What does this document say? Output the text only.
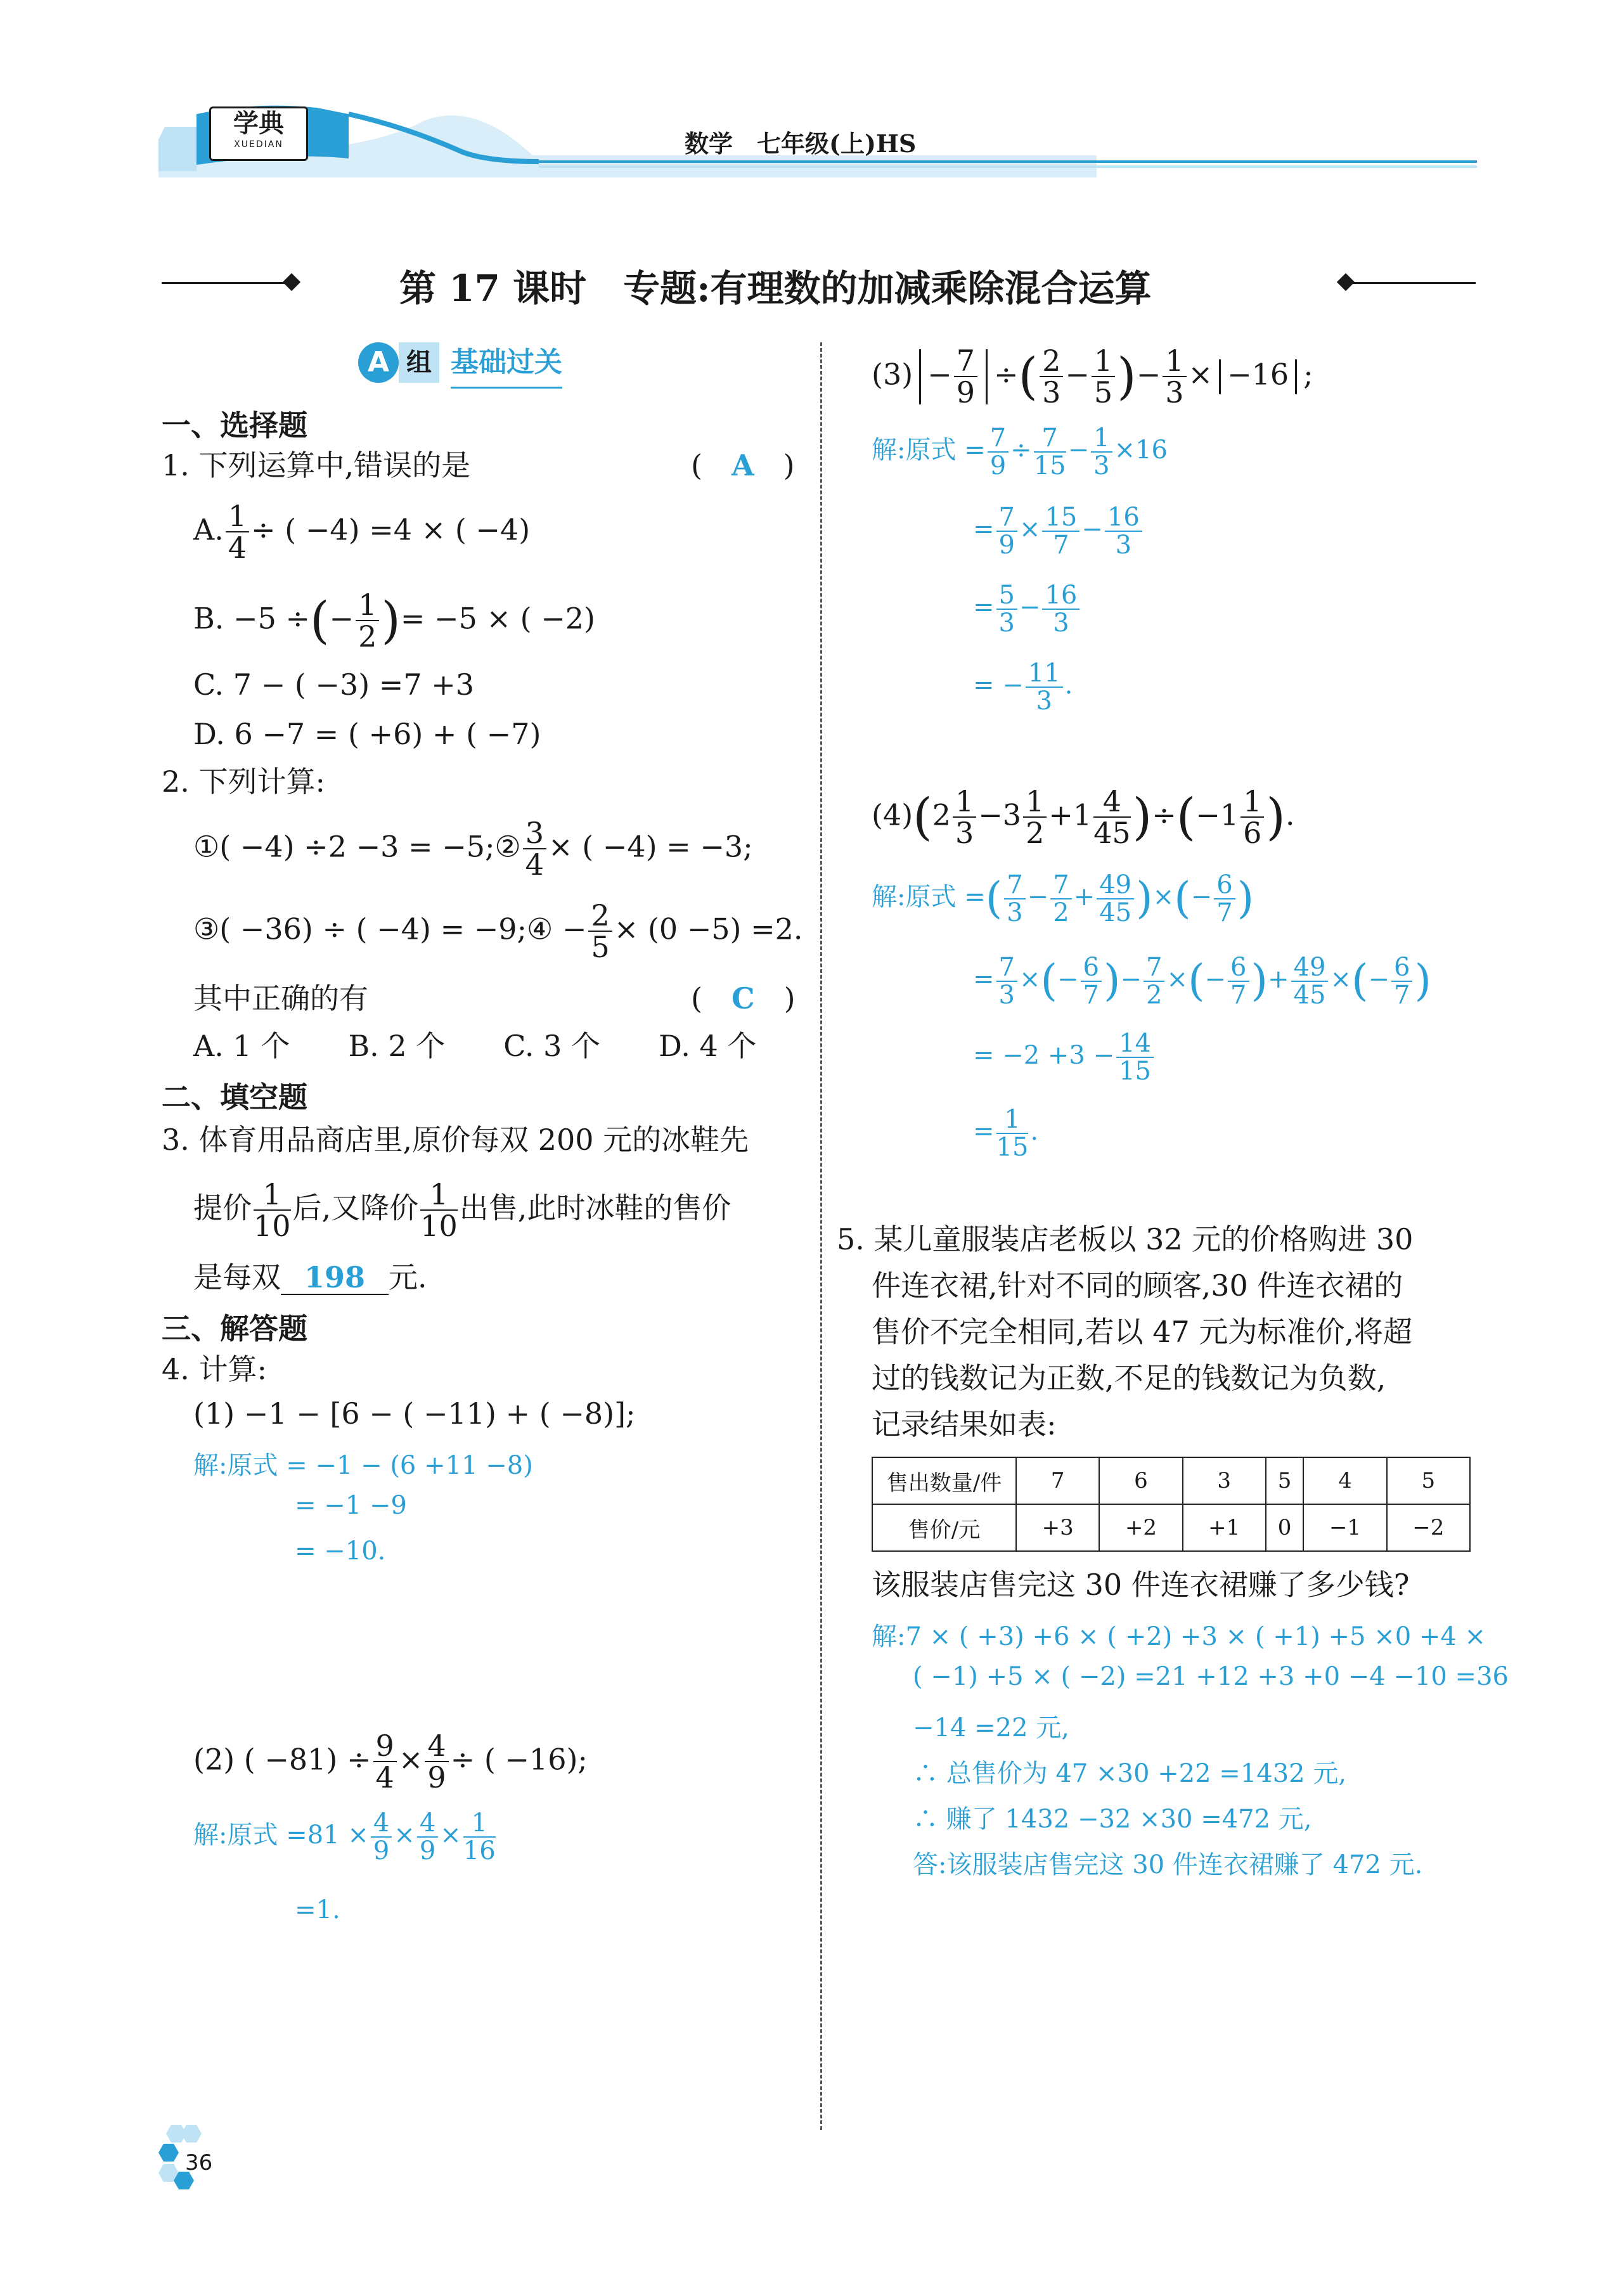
学典
XUEDIAN	数学　七年级(上)HS
第 17 课时　专题:有理数的加减乘除混合运算
A 组 基础过关
一、选择题
1. 下列运算中,错误的是	(　A　)
A. $\frac{1}{4}$ ÷ ( −4) =4 × ( −4)
B. −5 ÷(− $\frac{1}{2}$ )= −5 × ( −2)
C. 7 − ( −3) =7 +3
D. 6 −7 = ( +6) + ( −7)
2. 下列计算:
①( −4) ÷2 −3 = −5;② $\frac{3}{4}$ × ( −4) = −3;
③( −36) ÷ ( −4) = −9;④ − $\frac{2}{5} \times (0 -5) =2$.
其中正确的有	(　C　)
A. 1 个　　B. 2 个　　C. 3 个　　D. 4 个
二、填空题
3. 体育用品商店里,原价每双 200 元的冰鞋先
提价 $\frac{1}{10}$ 后,又降价 $\frac{1}{10}$ 出售,此时冰鞋的售价
是每双 198 元.
三、解答题
4. 计算:
(1) −1 − [6 − ( −11) + ( −8)];
解:原式 = −1 − (6 +11 −8)
= −1 −9
= −10.
(2) ( $-81) \div \frac{9}{4} \times \frac{4}{9}$ ÷ ( −16);
解:原式 $=81 \times \frac{4}{9} \times \frac{4}{9} \times \frac{1}{16}$
=1.
$(3) - \frac{7}{9}$ ÷( $\frac{2}{3} - \frac{1}{5}$ )− $\frac{1}{3} \times -16$ ;
解:原式 = $\frac{7}{9} \div \frac{7}{15} - \frac{1}{3} \times 16$
= $\frac{7}{9} \times \frac{15}{7} - \frac{16}{3}$
= $\frac{5}{3} - \frac{16}{3}$
= − $\frac{11}{3}$ .
$(4)(2 \frac{1}{3} -3 \frac{1}{2} +1 \frac{4}{45} )\div(-1 \frac{1}{6}$ ).
解:原式 =( $\frac{7}{3} - \frac{7}{2} + \frac{49}{45}$ )×(− $\frac{6}{7}$ )
= $\frac{7}{3}$ ×(− $\frac{6}{7}$ )− $\frac{7}{2}$ ×(− $\frac{6}{7}$ )+ $\frac{49}{45}$ ×(− $\frac{6}{7}$ )
= $-2 +3 - \frac{14}{15}$
= $\frac{1}{15}$ .
5. 某儿童服装店老板以 32 元的价格购进 30
件连衣裙,针对不同的顾客,30 件连衣裙的
售价不完全相同,若以 47 元为标准价,将超
过的钱数记为正数,不足的钱数记为负数,
记录结果如表:
售出数量/件	7	6	3	5	4	5
售价/元	+3	+2	+1	0	−1	−2
该服装店售完这 30 件连衣裙赚了多少钱?
解:7 × ( +3) +6 × ( +2) +3 × ( +1) +5 ×0 +4 ×
( −1) +5 × ( −2) =21 +12 +3 +0 −4 −10 =36
−14 =22 元,
∴ 总售价为 47 ×30 +22 =1432 元,
∴ 赚了 1432 −32 ×30 =472 元,
答:该服装店售完这 30 件连衣裙赚了 472 元.
36
